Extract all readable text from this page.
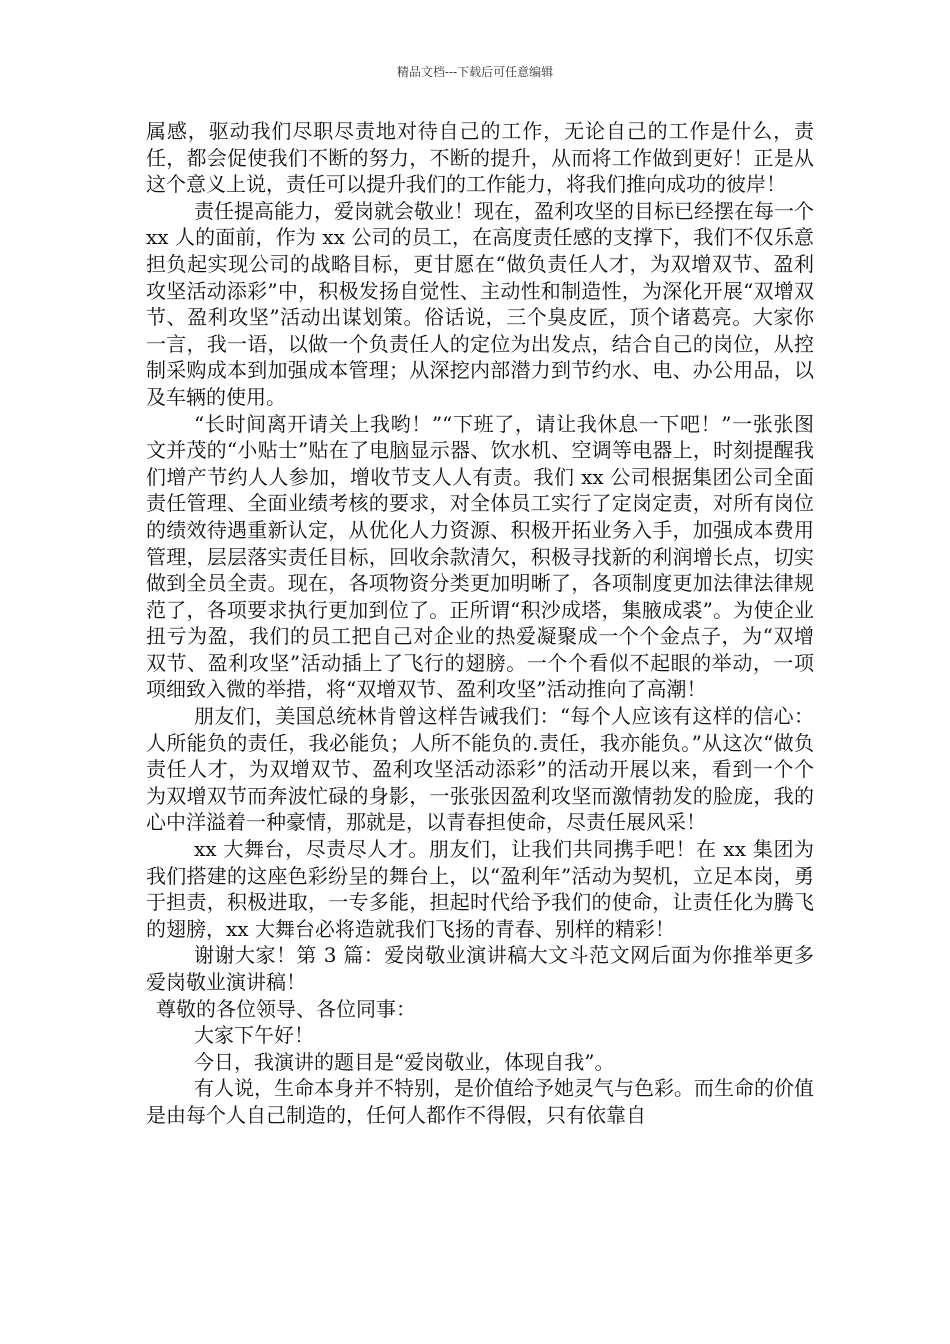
精品文档---下载后可任意编辑

属感，驱动我们尽职尽责地对待自己的工作，无论自己的工作是什么，责任，都会促使我们不断的努力，不断的提升，从而将工作做到更好！正是从这个意义上说，责任可以提升我们的工作能力，将我们推向成功的彼岸！

责任提高能力，爱岗就会敬业！现在，盈利攻坚的目标已经摆在每一个 xx 人的面前，作为 xx 公司的员工，在高度责任感的支撑下，我们不仅乐意担负起实现公司的战略目标，更甘愿在“做负责任人才，为双增双节、盈利攻坚活动添彩”中，积极发扬自觉性、主动性和制造性，为深化开展“双增双节、盈利攻坚”活动出谋划策。俗话说，三个臭皮匠，顶个诸葛亮。大家你一言，我一语，以做一个负责任人的定位为出发点，结合自己的岗位，从控制采购成本到加强成本管理；从深挖内部潜力到节约水、电、办公用品，以及车辆的使用。

“长时间离开请关上我哟！”“下班了，请让我休息一下吧！”一张张图文并茂的“小贴士”贴在了电脑显示器、饮水机、空调等电器上，时刻提醒我们增产节约人人参加，增收节支人人有责。我们 xx 公司根据集团公司全面责任管理、全面业绩考核的要求，对全体员工实行了定岗定责，对所有岗位的绩效待遇重新认定，从优化人力资源、积极开拓业务入手，加强成本费用管理，层层落实责任目标，回收余款清欠，积极寻找新的利润增长点，切实做到全员全责。现在，各项物资分类更加明晰了，各项制度更加法律法律规范了，各项要求执行更加到位了。正所谓“积沙成塔，集腋成裘”。为使企业扭亏为盈，我们的员工把自己对企业的热爱凝聚成一个个金点子，为“双增双节、盈利攻坚”活动插上了飞行的翅膀。一个个看似不起眼的举动，一项项细致入微的举措，将“双增双节、盈利攻坚”活动推向了高潮！

朋友们，美国总统林肯曾这样告诫我们：“每个人应该有这样的信心：人所能负的责任，我必能负；人所不能负的.责任，我亦能负。”从这次“做负责任人才，为双增双节、盈利攻坚活动添彩”的活动开展以来，看到一个个为双增双节而奔波忙碌的身影，一张张因盈利攻坚而激情勃发的脸庞，我的心中洋溢着一种豪情，那就是，以青春担使命，尽责任展风采！

xx 大舞台，尽责尽人才。朋友们，让我们共同携手吧！在 xx 集团为我们搭建的这座色彩纷呈的舞台上，以“盈利年”活动为契机，立足本岗，勇于担责，积极进取，一专多能，担起时代给予我们的使命，让责任化为腾飞的翅膀，xx 大舞台必将造就我们飞扬的青春、别样的精彩！

谢谢大家！第 3 篇：爱岗敬业演讲稿大文斗范文网后面为你推举更多爱岗敬业演讲稿！

尊敬的各位领导、各位同事：

大家下午好！

今日，我演讲的题目是“爱岗敬业，体现自我”。

有人说，生命本身并不特别，是价值给予她灵气与色彩。而生命的价值是由每个人自己制造的，任何人都作不得假，只有依靠自
